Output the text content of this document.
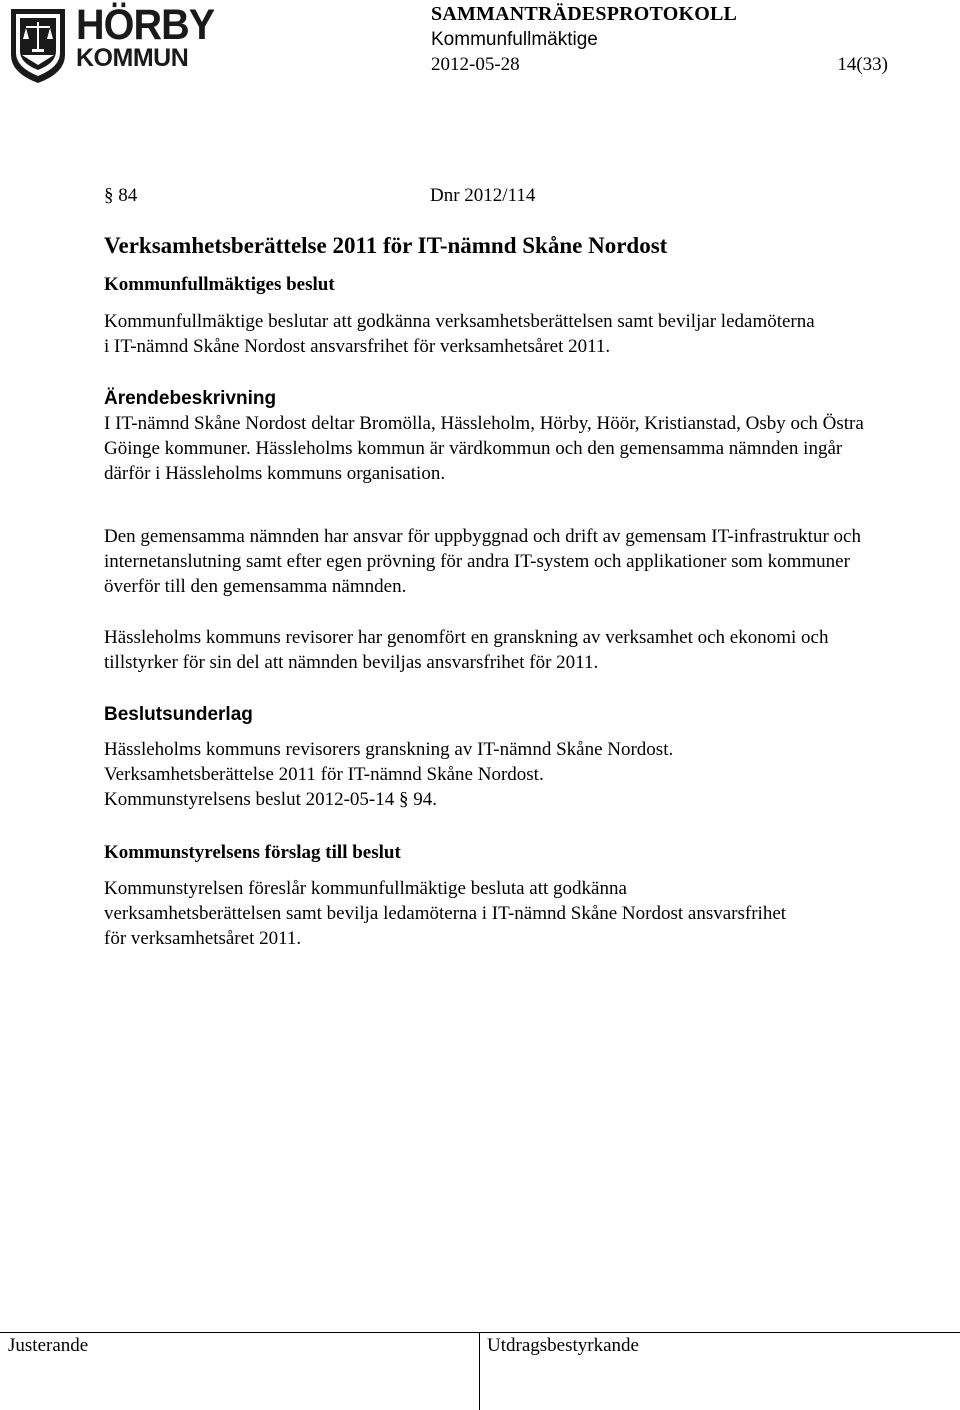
HÖRBY
KOMMUN
SAMMANTRÄDESPROTOKOLL
Kommunfullmäktige
2012-05-28	14(33)
§ 84	Dnr 2012/114
Verksamhetsberättelse 2011 för IT-nämnd Skåne Nordost
Kommunfullmäktiges beslut

Kommunfullmäktige beslutar att godkänna verksamhetsberättelsen samt beviljar ledamöterna i IT-nämnd Skåne Nordost ansvarsfrihet för verksamhetsåret 2011.

Ärendebeskrivning

I IT-nämnd Skåne Nordost deltar Bromölla, Hässleholm, Hörby, Höör, Kristianstad, Osby och Östra Göinge kommuner. Hässleholms kommun är värdkommun och den gemensamma nämnden ingår därför i Hässleholms kommuns organisation.

Den gemensamma nämnden har ansvar för uppbyggnad och drift av gemensam IT-infrastruktur och internetanslutning samt efter egen prövning för andra IT-system och applikationer som kommuner överför till den gemensamma nämnden.

Hässleholms kommuns revisorer har genomfört en granskning av verksamhet och ekonomi och tillstyrker för sin del att nämnden beviljas ansvarsfrihet för 2011.

Beslutsunderlag

Hässleholms kommuns revisorers granskning av IT-nämnd Skåne Nordost.

Verksamhetsberättelse 2011 för IT-nämnd Skåne Nordost.

Kommunstyrelsens beslut 2012-05-14 § 94.

Kommunstyrelsens förslag till beslut

Kommunstyrelsen föreslår kommunfullmäktige besluta att godkänna verksamhetsberättelsen samt bevilja ledamöterna i IT-nämnd Skåne Nordost ansvarsfrihet för verksamhetsåret 2011.

Justerande	Utdragsbestyrkande
